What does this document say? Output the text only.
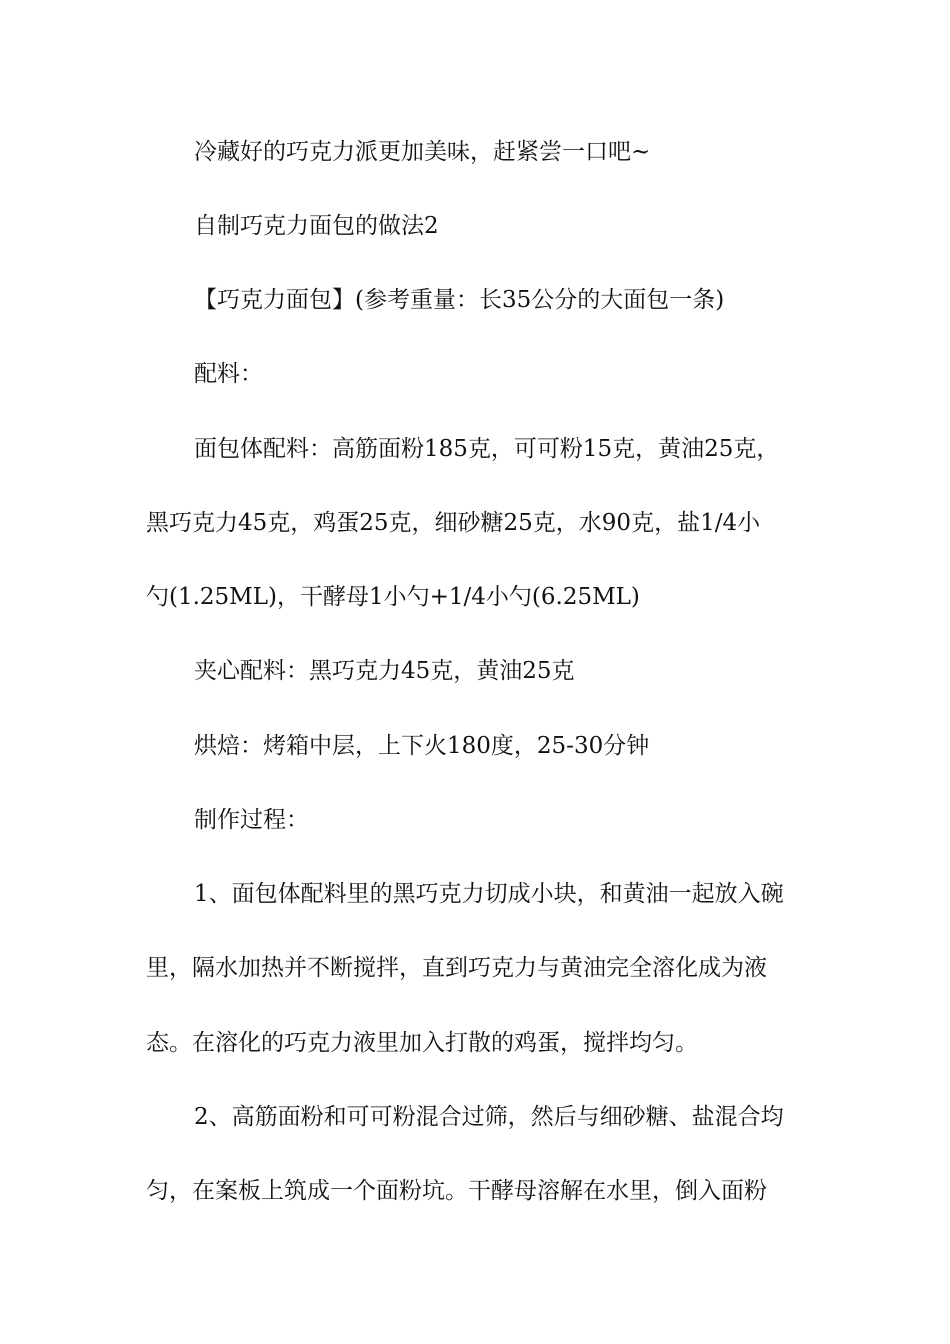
冷藏好的巧克力派更加美味，赶紧尝一口吧~
自制巧克力面包的做法2
【巧克力面包】(参考重量：长35公分的大面包一条)
配料：
面包体配料：高筋面粉185克，可可粉15克，黄油25克，
黑巧克力45克，鸡蛋25克，细砂糖25克，水90克，盐1/4小
勺(1.25ML)，干酵母1小勺+1/4小勺(6.25ML)
夹心配料：黑巧克力45克，黄油25克
烘焙：烤箱中层，上下火180度，25-30分钟
制作过程：
1、面包体配料里的黑巧克力切成小块，和黄油一起放入碗
里，隔水加热并不断搅拌，直到巧克力与黄油完全溶化成为液
态。在溶化的巧克力液里加入打散的鸡蛋，搅拌均匀。
2、高筋面粉和可可粉混合过筛，然后与细砂糖、盐混合均
匀，在案板上筑成一个面粉坑。干酵母溶解在水里，倒入面粉
